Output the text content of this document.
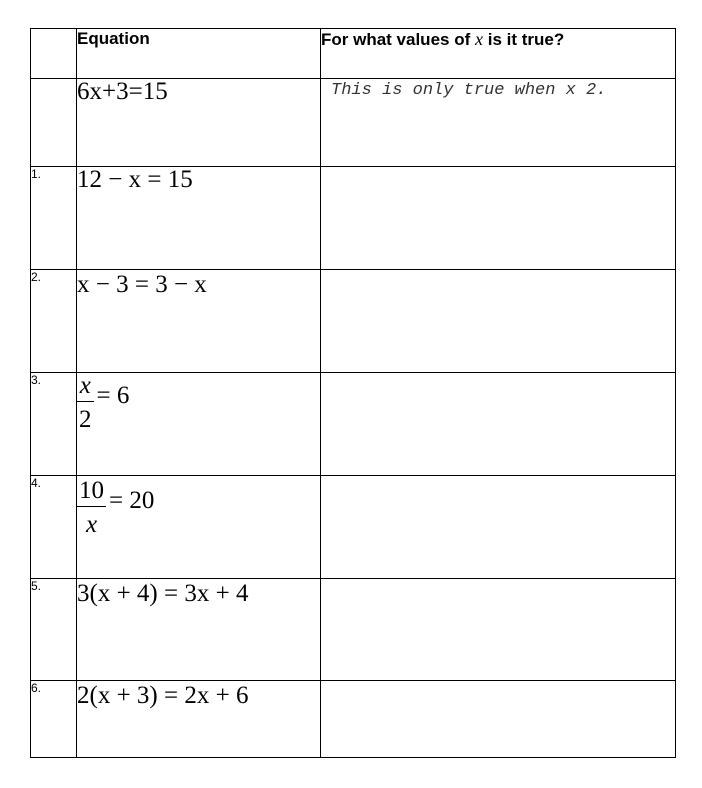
	Equation	For what values of x is it true?
	6x+3=15	This is only true when x 2.

1.	12 − x = 15	

2.	x − 3 = 3 − x	

3.	$\frac{x}{2} = 6$	

4.	$\frac{10}{x} = 20$	

5.	3(x + 4) = 3x + 4	

6.	2(x + 3) = 2x + 6	
